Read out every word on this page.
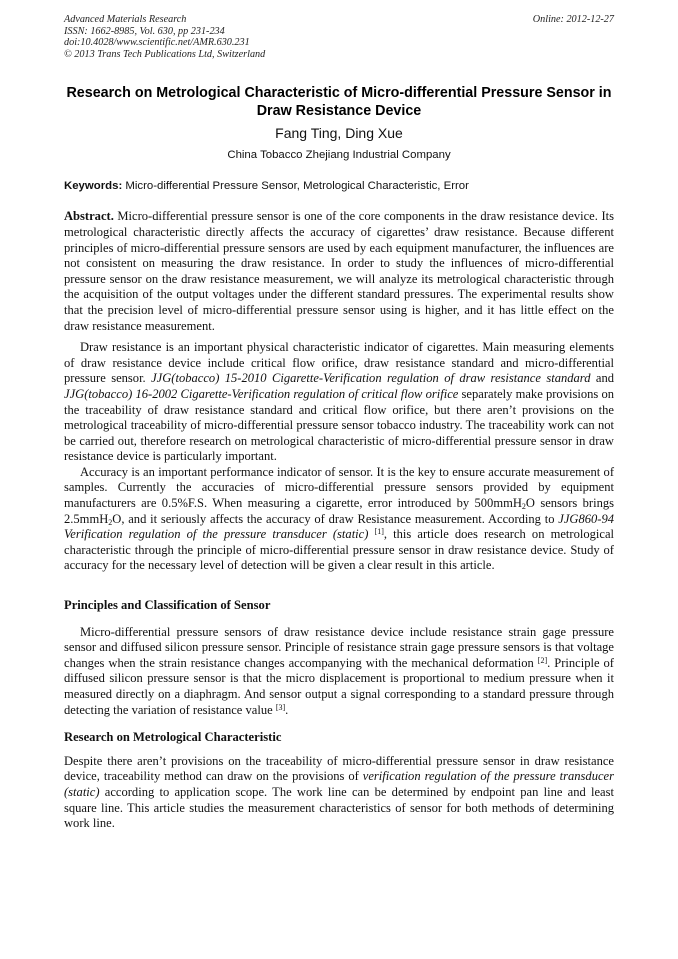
Advanced Materials Research
ISSN: 1662-8985, Vol. 630, pp 231-234
doi:10.4028/www.scientific.net/AMR.630.231
© 2013 Trans Tech Publications Ltd, Switzerland
Online: 2012-12-27
Research on Metrological Characteristic of Micro-differential Pressure Sensor in Draw Resistance Device
Fang Ting, Ding Xue
China Tobacco Zhejiang Industrial Company
Keywords: Micro-differential Pressure Sensor, Metrological Characteristic, Error

Abstract. Micro-differential pressure sensor is one of the core components in the draw resistance device. Its metrological characteristic directly affects the accuracy of cigarettes’ draw resistance. Because different principles of micro-differential pressure sensors are used by each equipment manufacturer, the influences are not consistent on measuring the draw resistance. In order to study the influences of micro-differential pressure sensor on the draw resistance measurement, we will analyze its metrological characteristic through the acquisition of the output voltages under the different standard pressures. The experimental results show that the precision level of micro-differential pressure sensor using is higher, and it has little effect on the draw resistance measurement.

Draw resistance is an important physical characteristic indicator of cigarettes. Main measuring elements of draw resistance device include critical flow orifice, draw resistance standard and micro-differential pressure sensor. JJG(tobacco) 15-2010 Cigarette-Verification regulation of draw resistance standard and JJG(tobacco) 16-2002 Cigarette-Verification regulation of critical flow orifice separately make provisions on the traceability of draw resistance standard and critical flow orifice, but there aren’t provisions on the metrological traceability of micro-differential pressure sensor tobacco industry. The traceability work can not be carried out, therefore research on metrological characteristic of micro-differential pressure sensor in draw resistance device is particularly important.

Accuracy is an important performance indicator of sensor. It is the key to ensure accurate measurement of samples. Currently the accuracies of micro-differential pressure sensors provided by equipment manufacturers are 0.5%F.S. When measuring a cigarette, error introduced by 500mmH$_2$O sensors brings 2.5mmH$_2$O, and it seriously affects the accuracy of draw Resistance measurement. According to JJG860-94 Verification regulation of the pressure transducer (static) [1], this article does research on metrological characteristic through the principle of micro-differential pressure sensor in draw resistance device. Study of accuracy for the necessary level of detection will be given a clear result in this article.

Principles and Classification of Sensor

Micro-differential pressure sensors of draw resistance device include resistance strain gage pressure sensor and diffused silicon pressure sensor. Principle of resistance strain gage pressure sensors is that voltage changes when the strain resistance changes accompanying with the mechanical deformation [2]. Principle of diffused silicon pressure sensor is that the micro displacement is proportional to medium pressure when it measured directly on a diaphragm. And sensor output a signal corresponding to a standard pressure through detecting the variation of resistance value [3].

Research on Metrological Characteristic

Despite there aren’t provisions on the traceability of micro-differential pressure sensor in draw resistance device, traceability method can draw on the provisions of verification regulation of the pressure transducer (static) according to application scope. The work line can be determined by endpoint pan line and least square line. This article studies the measurement characteristics of sensor for both methods of determining work line.
